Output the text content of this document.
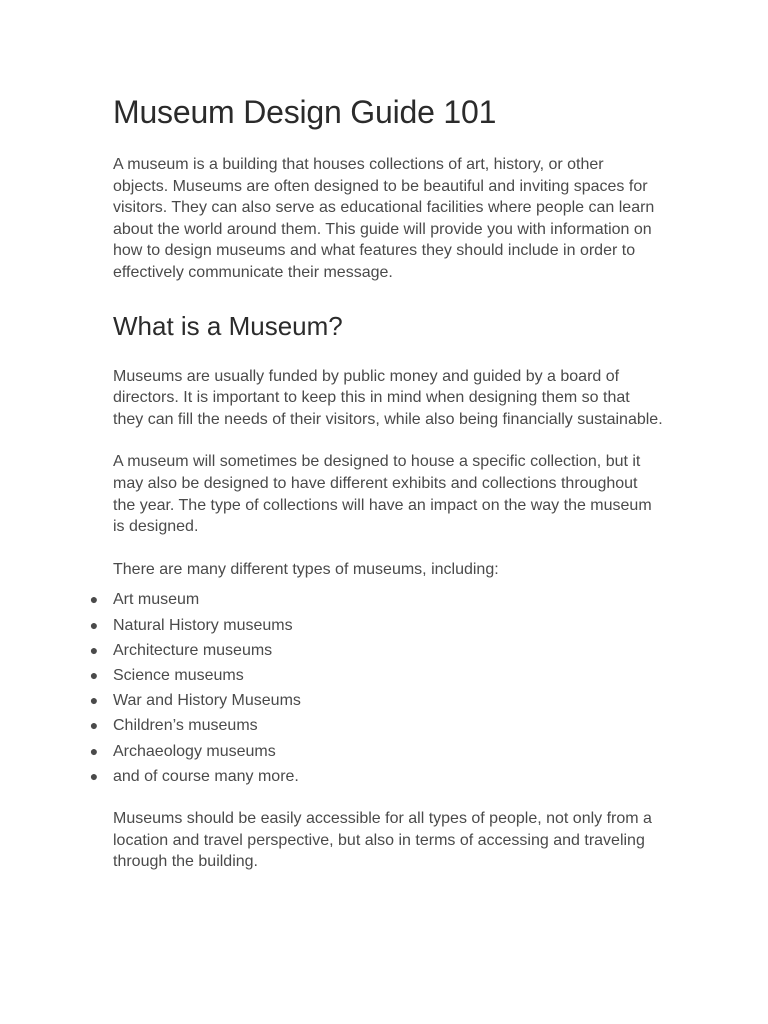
Museum Design Guide 101

A museum is a building that houses collections of art, history, or other objects. Museums are often designed to be beautiful and inviting spaces for visitors. They can also serve as educational facilities where people can learn about the world around them. This guide will provide you with information on how to design museums and what features they should include in order to effectively communicate their message.

What is a Museum?

Museums are usually funded by public money and guided by a board of directors. It is important to keep this in mind when designing them so that they can fill the needs of their visitors, while also being financially sustainable.

A museum will sometimes be designed to house a specific collection, but it may also be designed to have different exhibits and collections throughout the year. The type of collections will have an impact on the way the museum is designed.

There are many different types of museums, including:

● Art museum
● Natural History museums
● Architecture museums
● Science museums
● War and History Museums
● Children’s museums
● Archaeology museums
● and of course many more.

Museums should be easily accessible for all types of people, not only from a location and travel perspective, but also in terms of accessing and traveling through the building.
